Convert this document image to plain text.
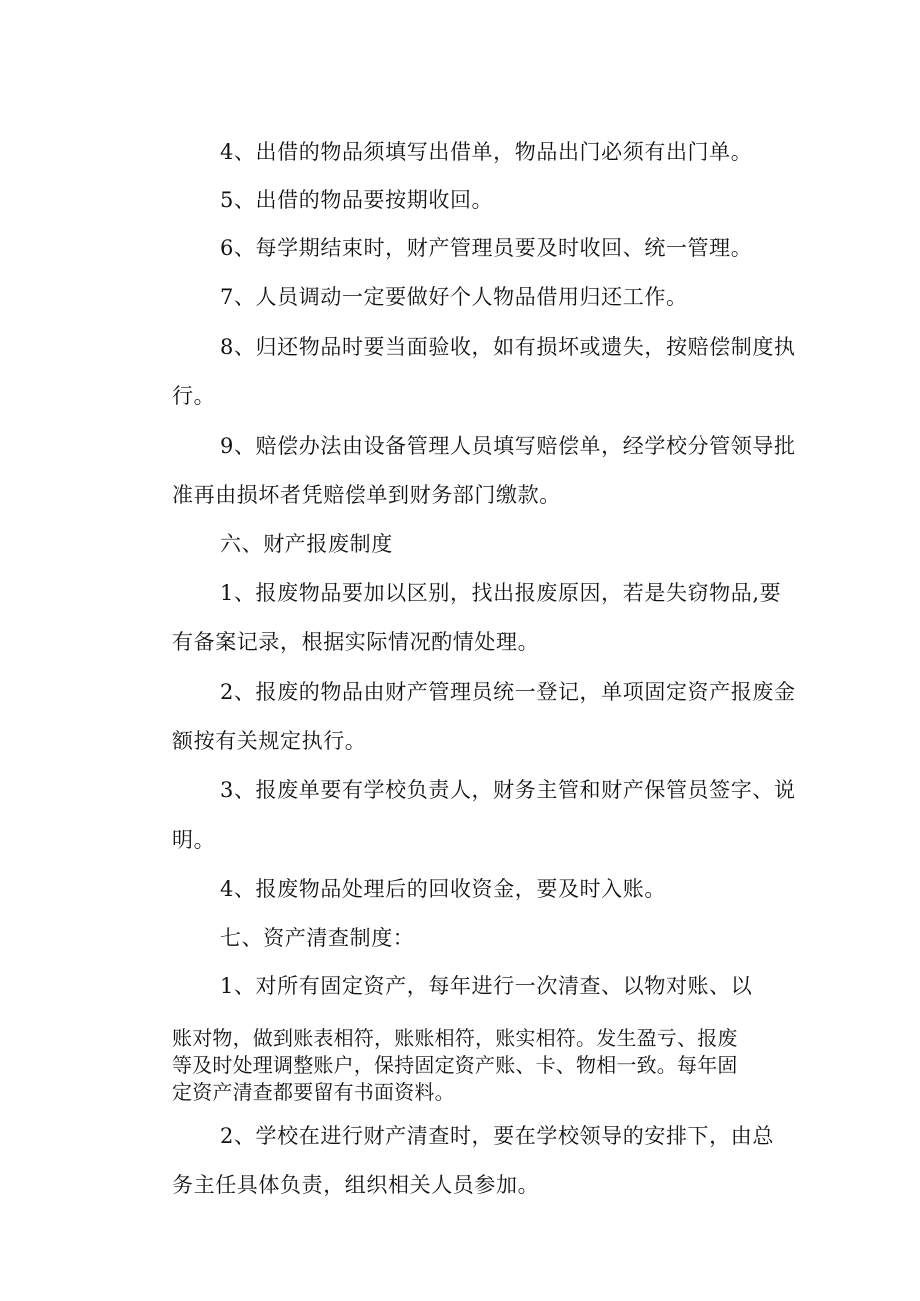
4、出借的物品须填写出借单，物品出门必须有出门单。

5、出借的物品要按期收回。

6、每学期结束时，财产管理员要及时收回、统一管理。

7、人员调动一定要做好个人物品借用归还工作。

8、归还物品时要当面验收，如有损坏或遗失，按赔偿制度执

行。

9、赔偿办法由设备管理人员填写赔偿单，经学校分管领导批

准再由损坏者凭赔偿单到财务部门缴款。

六、财产报废制度

1、报废物品要加以区别，找出报废原因，若是失窃物品,要

有备案记录，根据实际情况酌情处理。

2、报废的物品由财产管理员统一登记，单项固定资产报废金

额按有关规定执行。

3、报废单要有学校负责人，财务主管和财产保管员签字、说

明。

4、报废物品处理后的回收资金，要及时入账。

七、资产清查制度：

1、对所有固定资产，每年进行一次清查、以物对账、以

账对物，做到账表相符，账账相符，账实相符。发生盈亏、报废

等及时处理调整账户，保持固定资产账、卡、物相一致。每年固

定资产清查都要留有书面资料。

2、学校在进行财产清查时，要在学校领导的安排下，由总

务主任具体负责，组织相关人员参加。
